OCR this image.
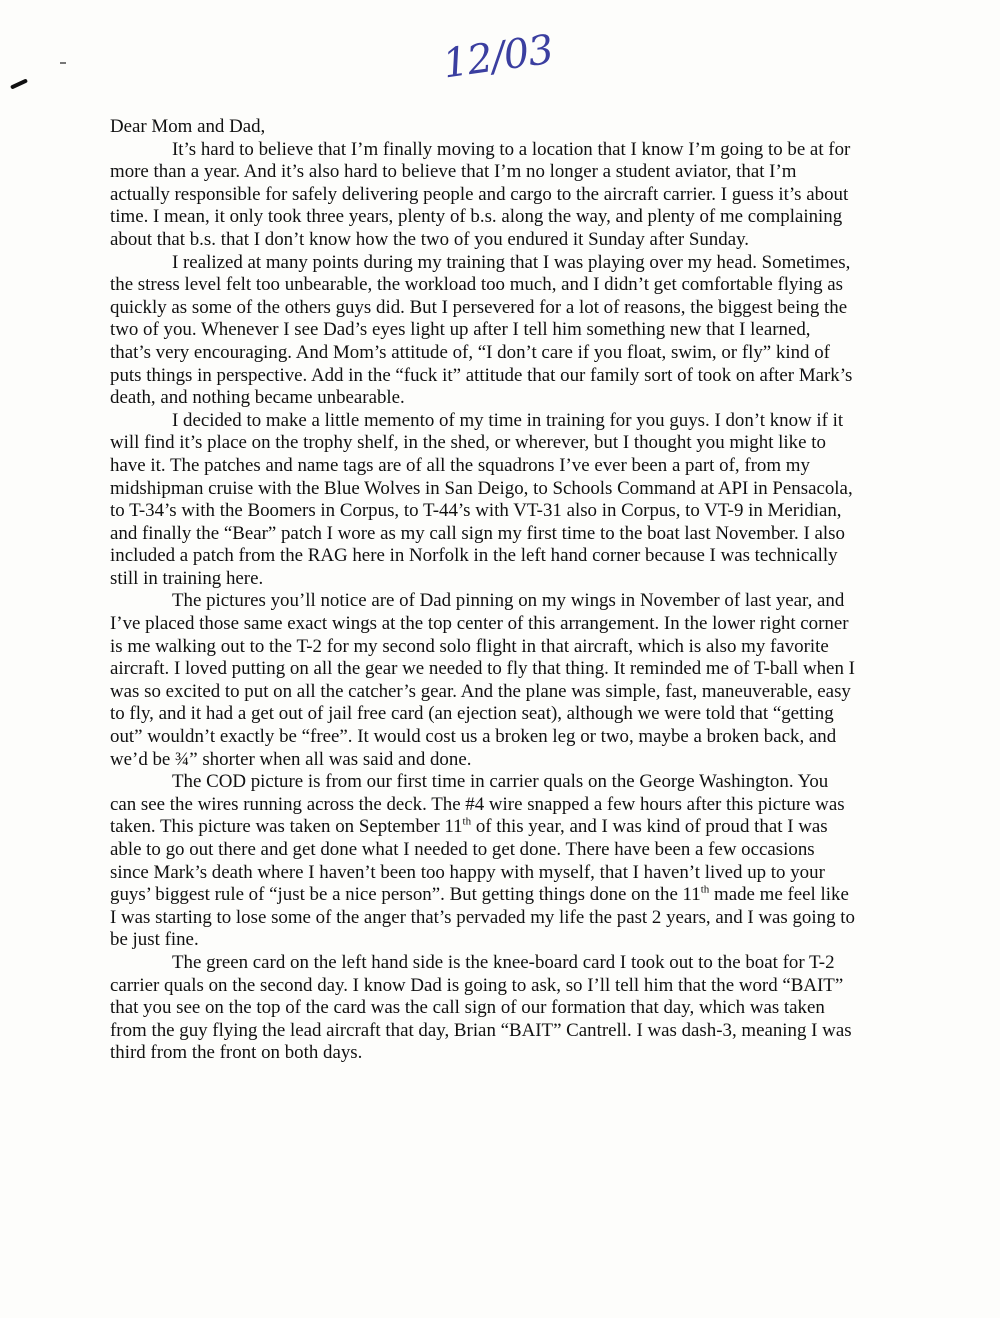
12/03

Dear Mom and Dad,

It’s hard to believe that I’m finally moving to a location that I know I’m going to be at for more than a year. And it’s also hard to believe that I’m no longer a student aviator, that I’m actually responsible for safely delivering people and cargo to the aircraft carrier. I guess it’s about time. I mean, it only took three years, plenty of b.s. along the way, and plenty of me complaining about that b.s. that I don’t know how the two of you endured it Sunday after Sunday.

I realized at many points during my training that I was playing over my head. Sometimes, the stress level felt too unbearable, the workload too much, and I didn’t get comfortable flying as quickly as some of the others guys did. But I persevered for a lot of reasons, the biggest being the two of you. Whenever I see Dad’s eyes light up after I tell him something new that I learned, that’s very encouraging. And Mom’s attitude of, “I don’t care if you float, swim, or fly” kind of puts things in perspective. Add in the “fuck it” attitude that our family sort of took on after Mark’s death, and nothing became unbearable.

I decided to make a little memento of my time in training for you guys. I don’t know if it will find it’s place on the trophy shelf, in the shed, or wherever, but I thought you might like to have it. The patches and name tags are of all the squadrons I’ve ever been a part of, from my midshipman cruise with the Blue Wolves in San Deigo, to Schools Command at API in Pensacola, to T-34’s with the Boomers in Corpus, to T-44’s with VT-31 also in Corpus, to VT-9 in Meridian, and finally the “Bear” patch I wore as my call sign my first time to the boat last November. I also included a patch from the RAG here in Norfolk in the left hand corner because I was technically still in training here.

The pictures you’ll notice are of Dad pinning on my wings in November of last year, and I’ve placed those same exact wings at the top center of this arrangement. In the lower right corner is me walking out to the T-2 for my second solo flight in that aircraft, which is also my favorite aircraft. I loved putting on all the gear we needed to fly that thing. It reminded me of T-ball when I was so excited to put on all the catcher’s gear. And the plane was simple, fast, maneuverable, easy to fly, and it had a get out of jail free card (an ejection seat), although we were told that “getting out” wouldn’t exactly be “free”. It would cost us a broken leg or two, maybe a broken back, and we’d be ¾” shorter when all was said and done.

The COD picture is from our first time in carrier quals on the George Washington. You can see the wires running across the deck. The #4 wire snapped a few hours after this picture was taken. This picture was taken on September 11th of this year, and I was kind of proud that I was able to go out there and get done what I needed to get done. There have been a few occasions since Mark’s death where I haven’t been too happy with myself, that I haven’t lived up to your guys’ biggest rule of “just be a nice person”. But getting things done on the 11th made me feel like I was starting to lose some of the anger that’s pervaded my life the past 2 years, and I was going to be just fine.

The green card on the left hand side is the knee-board card I took out to the boat for T-2 carrier quals on the second day. I know Dad is going to ask, so I’ll tell him that the word “BAIT” that you see on the top of the card was the call sign of our formation that day, which was taken from the guy flying the lead aircraft that day, Brian “BAIT” Cantrell. I was dash-3, meaning I was third from the front on both days.
